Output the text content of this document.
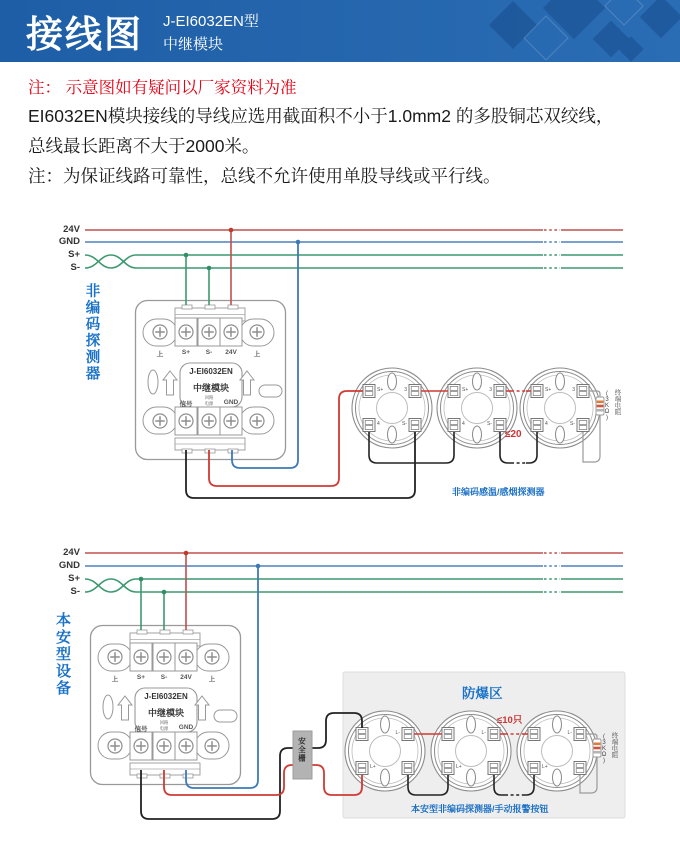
接线图 J-EI6032EN型
中继模块
注： 示意图如有疑问以厂家资料为准
EI6032EN模块接线的导线应选用截面积不小于1.0mm2 的多股铜芯双绞线，
总线最长距离不大于2000米。
注：为保证线路可靠性，总线不允许使用单股导线或平行线。
24V
GND
S+
S-
非编码探测器	上	S+ S- 24V	上
J-EI6032EN
中继模块
信号
回路
电源 GND
S+	3
4	S-
S+	3
4	S-
S+	3
4	S-
≤20
非编码感温/感烟探测器
(3KΩ) 终端电阻
24V
GND
S+
S-
本安型设备	上	S+ S- 24V	上
J-EI6032EN
中继模块
信号
回路
电源 GND
防爆区
安全栅
≤10只
L-
L+
L-
L+
L-
L+
本安型非编码探测器/手动报警按钮
(3KΩ) 终端电阻
